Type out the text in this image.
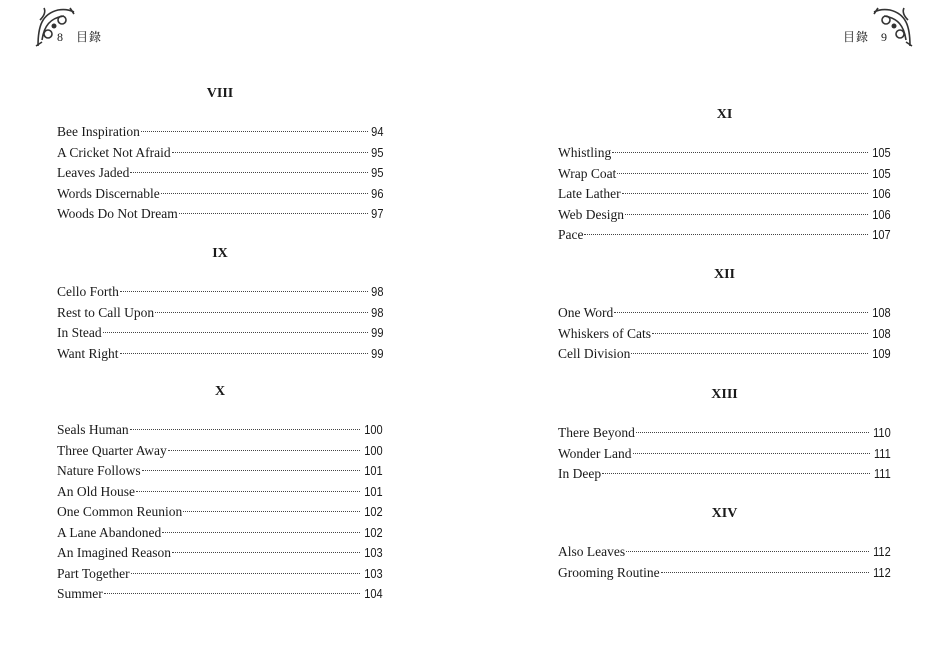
8 目錄
VIII
Bee Inspiration	94
A Cricket Not Afraid	95
Leaves Jaded	95
Words Discernable	96
Woods Do Not Dream	97
IX
Cello Forth	98
Rest to Call Upon	98
In Stead	99
Want Right	99
X
Seals Human	100
Three Quarter Away	100
Nature Follows	101
An Old House	101
One Common Reunion	102
A Lane Abandoned	102
An Imagined Reason	103
Part Together	103
Summer	104
目錄 9
XI
Whistling	105
Wrap Coat	105
Late Lather	106
Web Design	106
Pace	107
XII
One Word	108
Whiskers of Cats	108
Cell Division	109
XIII
There Beyond	110
Wonder Land	111
In Deep	111
XIV
Also Leaves	112
Grooming Routine	112
